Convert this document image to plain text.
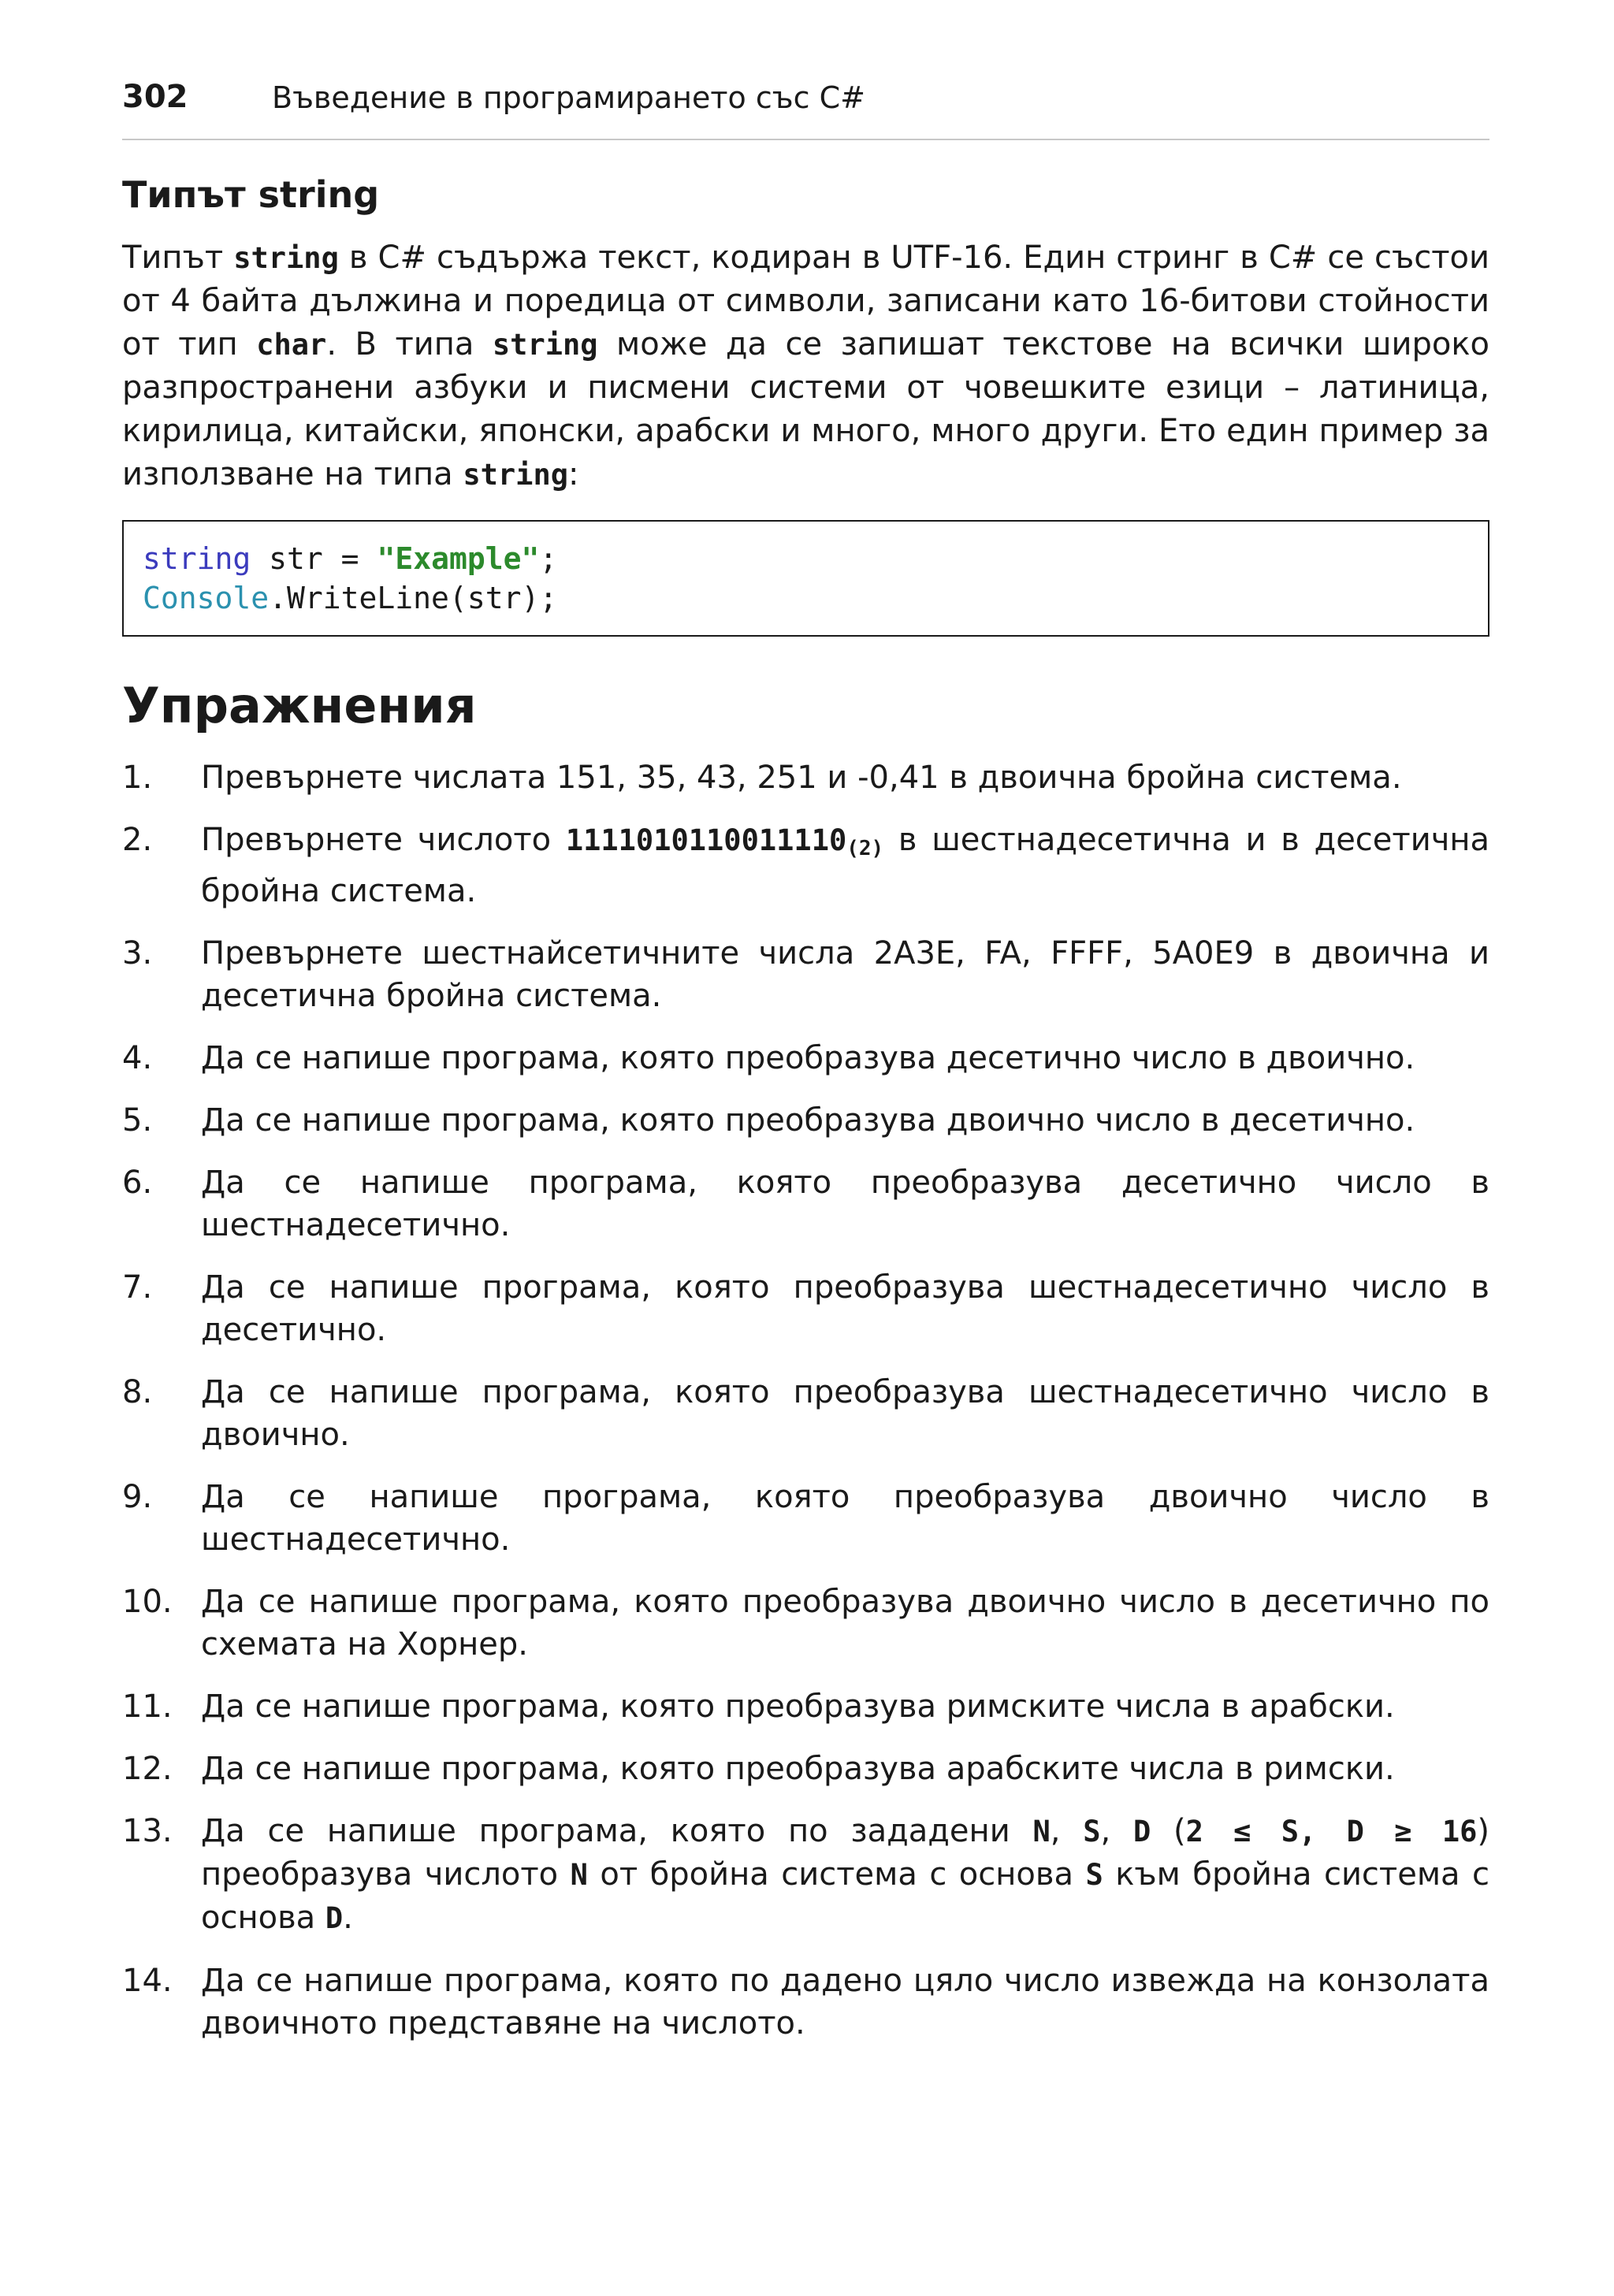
302	Въведение в програмирането със C#
Типът string

Типът string в C# съдържа текст, кодиран в UTF-16. Един стринг в C# се състои от 4 байта дължина и поредица от символи, записани като 16-битови стойности от тип char. В типа string може да се запишат текстове на всички широко разпространени азбуки и писмени системи от човешките езици – латиница, кирилица, китайски, японски, арабски и много, много други. Ето един пример за използване на типа string:

string str = "Example";
Console.WriteLine(str);
Упражнения
1. Превърнете числата 151, 35, 43, 251 и -0,41 в двоична бройна система.
2. Превърнете числото $1111010110011110_{(2)}$ в шестнадесетична и в десетична бройна система.
3. Превърнете шестнайсетичните числа 2A3E, FA, FFFF, 5A0E9 в двоична и десетична бройна система.
4. Да се напише програма, която преобразува десетично число в двоично.
5. Да се напише програма, която преобразува двоично число в десетично.
6. Да се напише програма, която преобразува десетично число в шестнадесетично.
7. Да се напише програма, която преобразува шестнадесетично число в десетично.
8. Да се напише програма, която преобразува шестнадесетично число в двоично.
9. Да се напише програма, която преобразува двоично число в шестнадесетично.
10. Да се напише програма, която преобразува двоично число в десетично по схемата на Хорнер.
11. Да се напише програма, която преобразува римските числа в арабски.
12. Да се напише програма, която преобразува арабските числа в римски.
13. Да се напише програма, която по зададени N, S, D (2 ≤ S, D ≥ 16) преобразува числото N от бройна система с основа S към бройна система с основа D.
14. Да се напише програма, която по дадено цяло число извежда на конзолата двоичното представяне на числото.
